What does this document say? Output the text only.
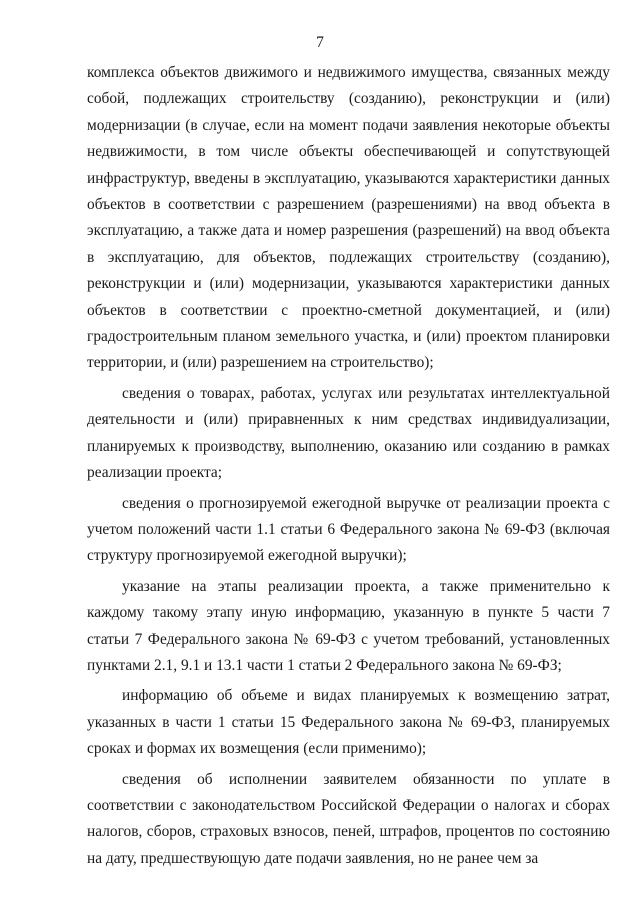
7

комплекса объектов движимого и недвижимого имущества, связанных между собой, подлежащих строительству (созданию), реконструкции и (или) модернизации (в случае, если на момент подачи заявления некоторые объекты недвижимости, в том числе объекты обеспечивающей и сопутствующей инфраструктур, введены в эксплуатацию, указываются характеристики данных объектов в соответствии с разрешением (разрешениями) на ввод объекта в эксплуатацию, а также дата и номер разрешения (разрешений) на ввод объекта в эксплуатацию, для объектов, подлежащих строительству (созданию), реконструкции и (или) модернизации, указываются характеристики данных объектов в соответствии с проектно-сметной документацией, и (или) градостроительным планом земельного участка, и (или) проектом планировки территории, и (или) разрешением на строительство);

сведения о товарах, работах, услугах или результатах интеллектуальной деятельности и (или) приравненных к ним средствах индивидуализации, планируемых к производству, выполнению, оказанию или созданию в рамках реализации проекта;

сведения о прогнозируемой ежегодной выручке от реализации проекта с учетом положений части 1.1 статьи 6 Федерального закона № 69-ФЗ (включая структуру прогнозируемой ежегодной выручки);

указание на этапы реализации проекта, а также применительно к каждому такому этапу иную информацию, указанную в пункте 5 части 7 статьи 7 Федерального закона № 69-ФЗ с учетом требований, установленных пунктами 2.1, 9.1 и 13.1 части 1 статьи 2 Федерального закона № 69-ФЗ;

информацию об объеме и видах планируемых к возмещению затрат, указанных в части 1 статьи 15 Федерального закона № 69-ФЗ, планируемых сроках и формах их возмещения (если применимо);

сведения об исполнении заявителем обязанности по уплате в соответствии с законодательством Российской Федерации о налогах и сборах налогов, сборов, страховых взносов, пеней, штрафов, процентов по состоянию на дату, предшествующую дате подачи заявления, но не ранее чем за
